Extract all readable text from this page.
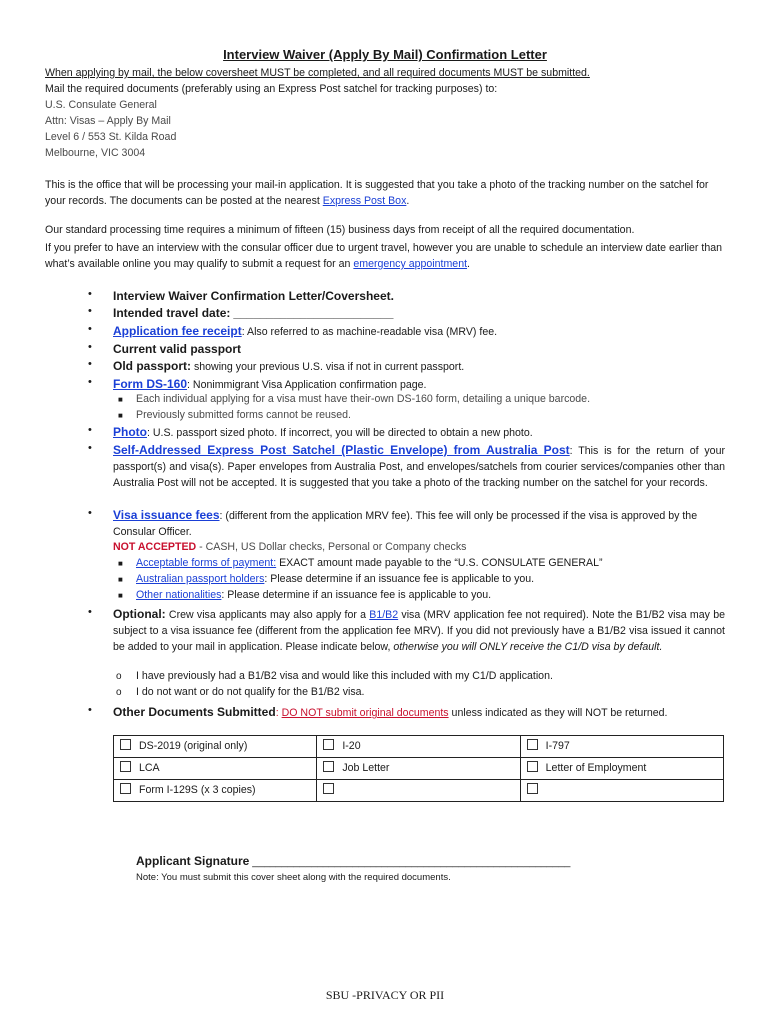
Interview Waiver (Apply By Mail) Confirmation Letter
When applying by mail, the below coversheet MUST be completed, and all required documents MUST be submitted.
Mail the required documents (preferably using an Express Post satchel for tracking purposes) to:
U.S. Consulate General
Attn: Visas – Apply By Mail
Level 6 / 553 St. Kilda Road
Melbourne, VIC 3004
This is the office that will be processing your mail-in application. It is suggested that you take a photo of the tracking number on the satchel for your records. The documents can be posted at the nearest Express Post Box.
Our standard processing time requires a minimum of fifteen (15) business days from receipt of all the required documentation.
If you prefer to have an interview with the consular officer due to urgent travel, however you are unable to schedule an interview date earlier than what’s available online you may qualify to submit a request for an emergency appointment.
• Interview Waiver Confirmation Letter/Coversheet.
• Intended travel date: ________________________
• Application fee receipt: Also referred to as machine-readable visa (MRV) fee.
• Current valid passport
• Old passport: showing your previous U.S. visa if not in current passport.
• Form DS-160: Nonimmigrant Visa Application confirmation page.
■ Each individual applying for a visa must have their-own DS-160 form, detailing a unique barcode.
■ Previously submitted forms cannot be reused.
• Photo: U.S. passport sized photo. If incorrect, you will be directed to obtain a new photo.
• Self-Addressed Express Post Satchel (Plastic Envelope) from Australia Post: This is for the return of your passport(s) and visa(s). Paper envelopes from Australia Post, and envelopes/satchels from courier services/companies other than Australia Post will not be accepted. It is suggested that you take a photo of the tracking number on the satchel for your records.
• Visa issuance fees: (different from the application MRV fee). This fee will only be processed if the visa is approved by the Consular Officer.
NOT ACCEPTED - CASH, US Dollar checks, Personal or Company checks
■ Acceptable forms of payment: EXACT amount made payable to the “U.S. CONSULATE GENERAL”
■ Australian passport holders: Please determine if an issuance fee is applicable to you.
■ Other nationalities: Please determine if an issuance fee is applicable to you.
• Optional: Crew visa applicants may also apply for a B1/B2 visa (MRV application fee not required). Note the B1/B2 visa may be subject to a visa issuance fee (different from the application fee MRV). If you did not previously have a B1/B2 visa issued it cannot be added to your mail in application. Please indicate below, otherwise you will ONLY receive the C1/D visa by default.
o I have previously had a B1/B2 visa and would like this included with my C1/D application.
o I do not want or do not qualify for the B1/B2 visa.
• Other Documents Submitted: DO NOT submit original documents unless indicated as they will NOT be returned.
DS-2019 (original only)	I-20	I-797
LCA	Job Letter	Letter of Employment
Form I-129S (x 3 copies)		
Applicant Signature ______________________________________________________
Note: You must submit this cover sheet along with the required documents.
SBU -PRIVACY OR PII
